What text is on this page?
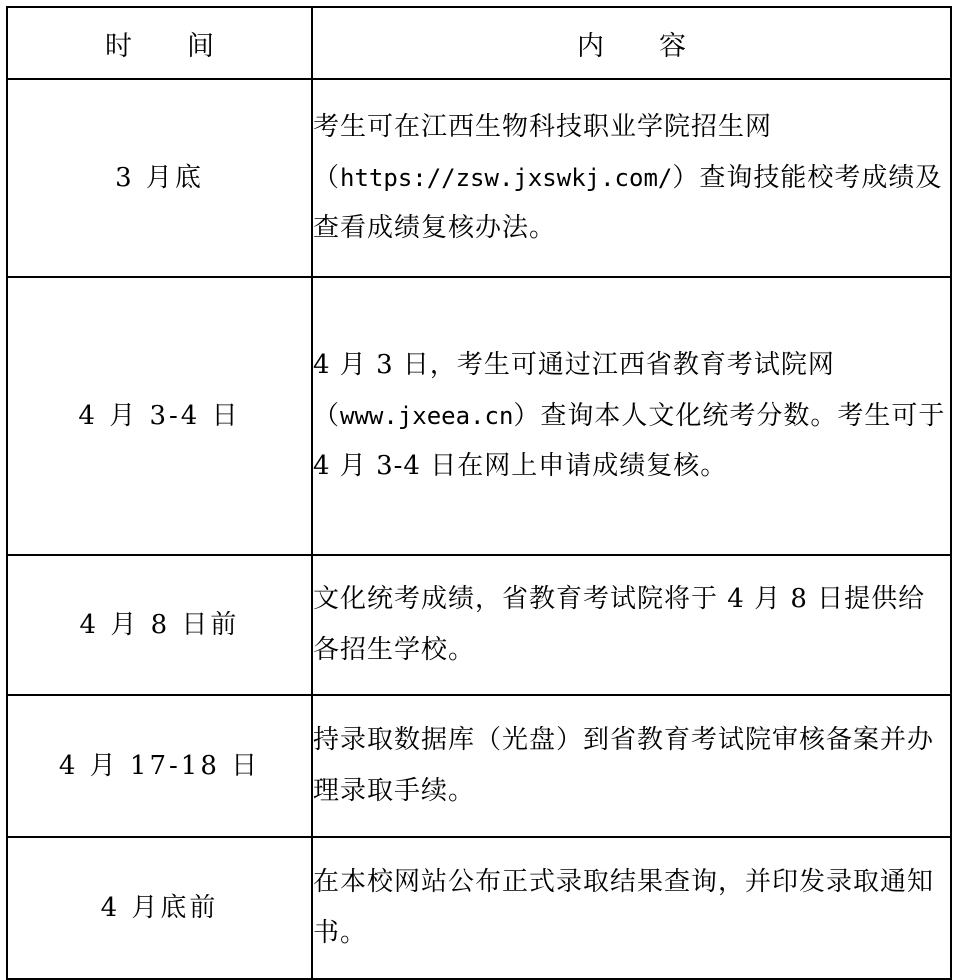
时　间	内　容
3 月底	考生可在江西生物科技职业学院招生网（https://zsw.jxswkj.com/）查询技能校考成绩及查看成绩复核办法。
4 月 3-4 日	4 月 3 日，考生可通过江西省教育考试院网（www.jxeea.cn）查询本人文化统考分数。考生可于 4 月 3-4 日在网上申请成绩复核。
4 月 8 日前	文化统考成绩，省教育考试院将于 4 月 8 日提供给各招生学校。
4 月 17-18 日	持录取数据库（光盘）到省教育考试院审核备案并办理录取手续。
4 月底前	在本校网站公布正式录取结果查询，并印发录取通知书。
